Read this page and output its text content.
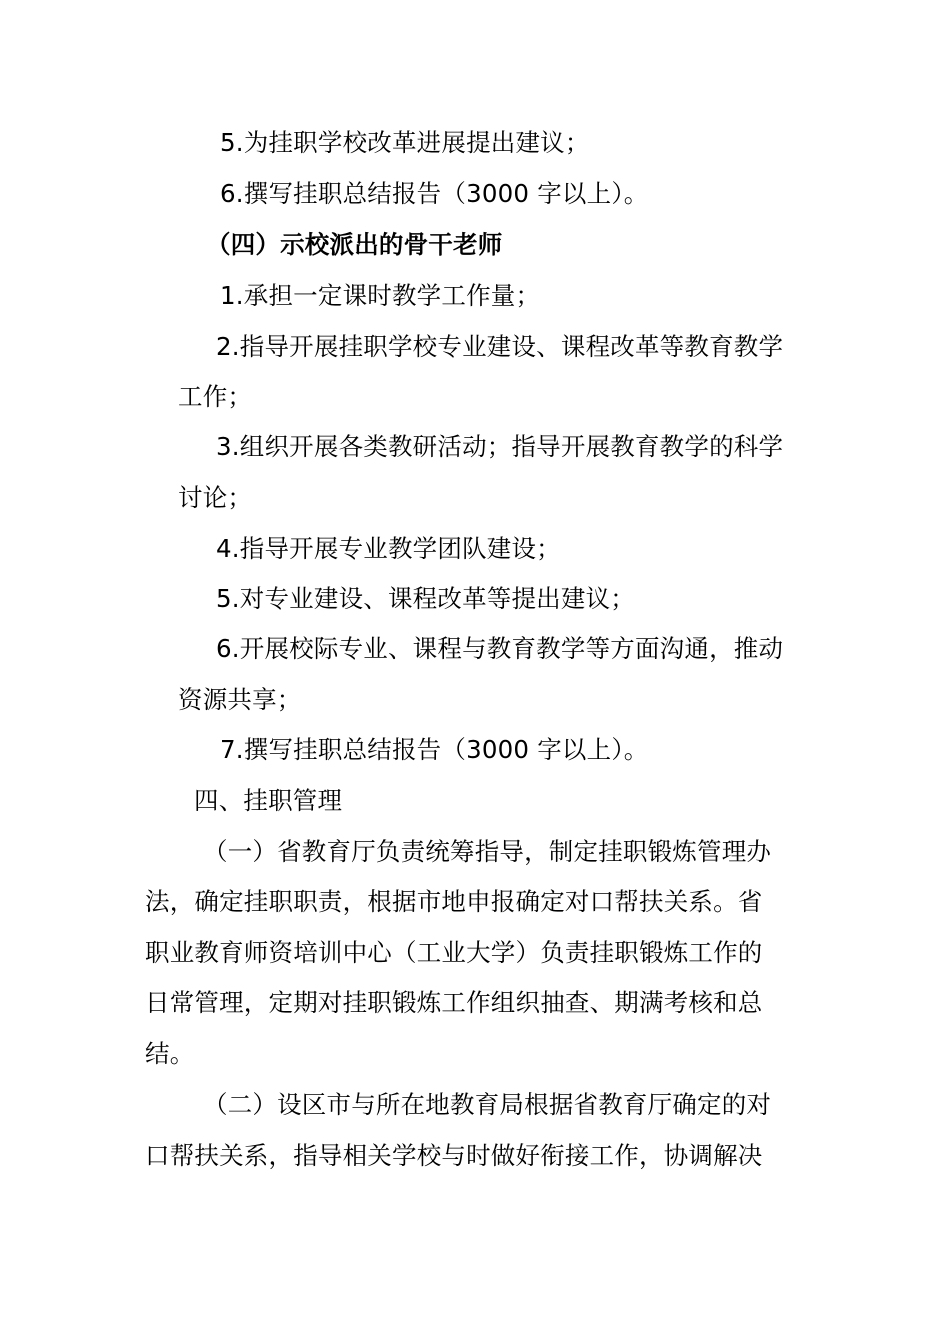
5.为挂职学校改革进展提出建议；
6.撰写挂职总结报告（3000 字以上）。
（四）示校派出的骨干老师
1.承担一定课时教学工作量；
2.指导开展挂职学校专业建设、课程改革等教育教学
工作；
3.组织开展各类教研活动；指导开展教育教学的科学
讨论；
4.指导开展专业教学团队建设；
5.对专业建设、课程改革等提出建议；
6.开展校际专业、课程与教育教学等方面沟通，推动
资源共享；
7.撰写挂职总结报告（3000 字以上）。
四、挂职管理
（一）省教育厅负责统筹指导，制定挂职锻炼管理办
法，确定挂职职责，根据市地申报确定对口帮扶关系。省
职业教育师资培训中心（工业大学）负责挂职锻炼工作的
日常管理，定期对挂职锻炼工作组织抽查、期满考核和总
结。
（二）设区市与所在地教育局根据省教育厅确定的对
口帮扶关系，指导相关学校与时做好衔接工作，协调解决
